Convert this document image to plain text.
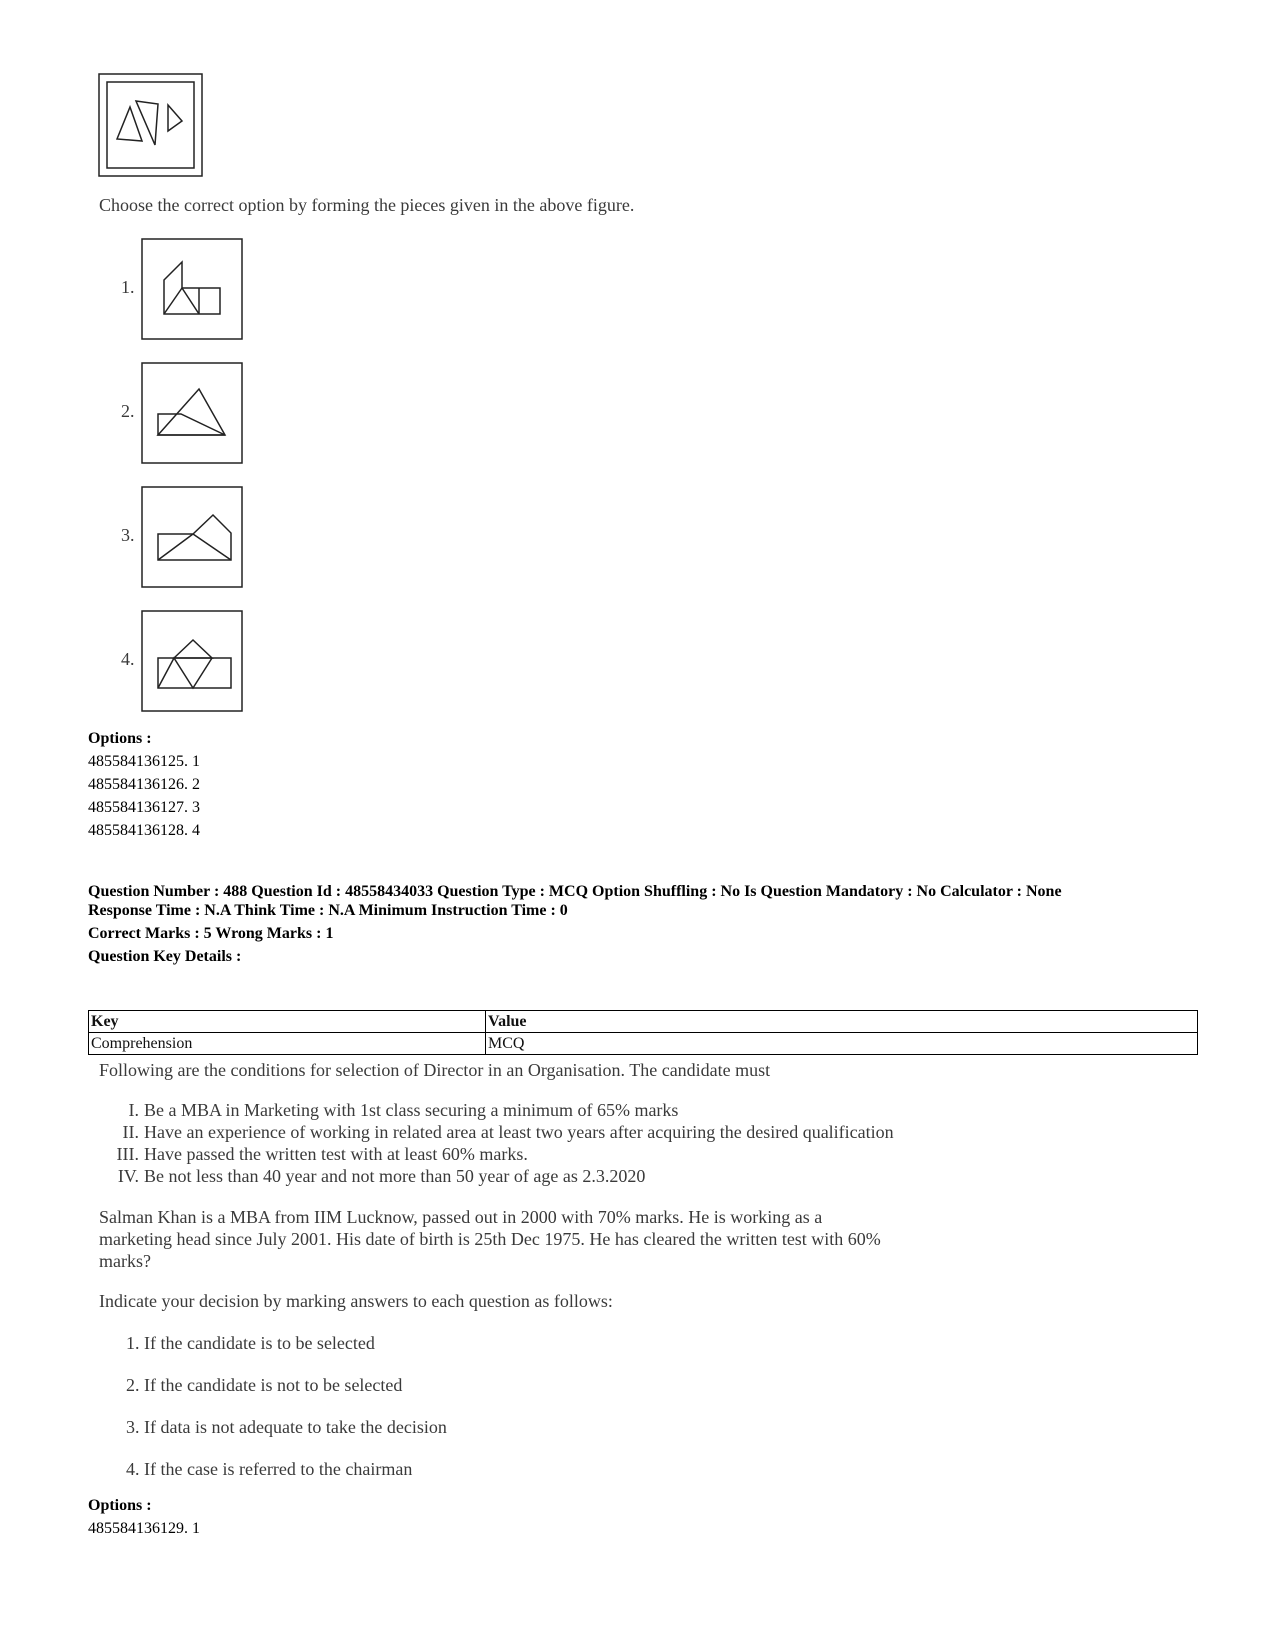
Choose the correct option by forming the pieces given in the above figure.
1.
2.
3.
4.
Options :
485584136125. 1
485584136126. 2
485584136127. 3
485584136128. 4
Question Number : 488 Question Id : 48558434033 Question Type : MCQ Option Shuffling : No Is Question Mandatory : No Calculator : None
Response Time : N.A Think Time : N.A Minimum Instruction Time : 0
Correct Marks : 5 Wrong Marks : 1
Question Key Details :
Key	Value
Comprehension	MCQ
Following are the conditions for selection of Director in an Organisation. The candidate must
I. Be a MBA in Marketing with 1st class securing a minimum of 65% marks
II. Have an experience of working in related area at least two years after acquiring the desired qualification
III. Have passed the written test with at least 60% marks.
IV. Be not less than 40 year and not more than 50 year of age as 2.3.2020
Salman Khan is a MBA from IIM Lucknow, passed out in 2000 with 70% marks. He is working as a
marketing head since July 2001. His date of birth is 25th Dec 1975. He has cleared the written test with 60%
marks?
Indicate your decision by marking answers to each question as follows:
1. If the candidate is to be selected
2. If the candidate is not to be selected
3. If data is not adequate to take the decision
4. If the case is referred to the chairman
Options :
485584136129. 1
